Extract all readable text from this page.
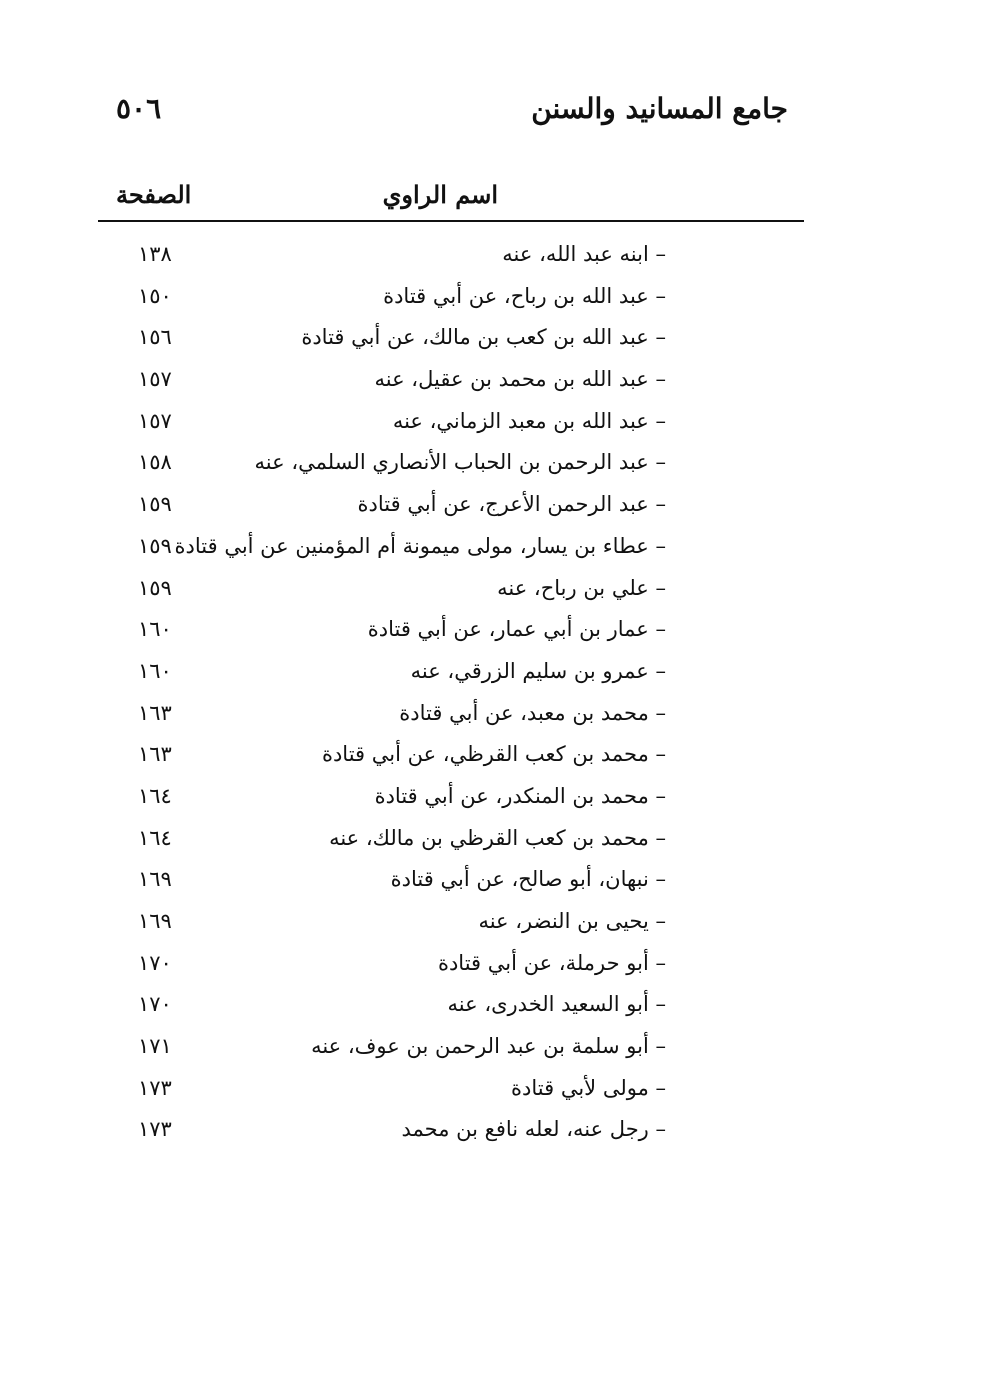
جامع المسانيد والسنن
٥٠٦
اسم الراوي
الصفحة
– ابنه عبد الله، عنه
١٣٨
– عبد الله بن رباح، عن أبي قتادة
١٥٠
– عبد الله بن كعب بن مالك، عن أبي قتادة
١٥٦
– عبد الله بن محمد بن عقيل، عنه
١٥٧
– عبد الله بن معبد الزماني، عنه
١٥٧
– عبد الرحمن بن الحباب الأنصاري السلمي، عنه
١٥٨
– عبد الرحمن الأعرج، عن أبي قتادة
١٥٩
– عطاء بن يسار، مولى ميمونة أم المؤمنين عن أبي قتادة
١٥٩
– علي بن رباح، عنه
١٥٩
– عمار بن أبي عمار، عن أبي قتادة
١٦٠
– عمرو بن سليم الزرقي، عنه
١٦٠
– محمد بن معبد، عن أبي قتادة
١٦٣
– محمد بن كعب القرظي، عن أبي قتادة
١٦٣
– محمد بن المنكدر، عن أبي قتادة
١٦٤
– محمد بن كعب القرظي بن مالك، عنه
١٦٤
– نبهان، أبو صالح، عن أبي قتادة
١٦٩
– يحيى بن النضر، عنه
١٦٩
– أبو حرملة، عن أبي قتادة
١٧٠
– أبو السعيد الخدرى، عنه
١٧٠
– أبو سلمة بن عبد الرحمن بن عوف، عنه
١٧١
– مولى لأبي قتادة
١٧٣
– رجل عنه، لعله نافع بن محمد
١٧٣
